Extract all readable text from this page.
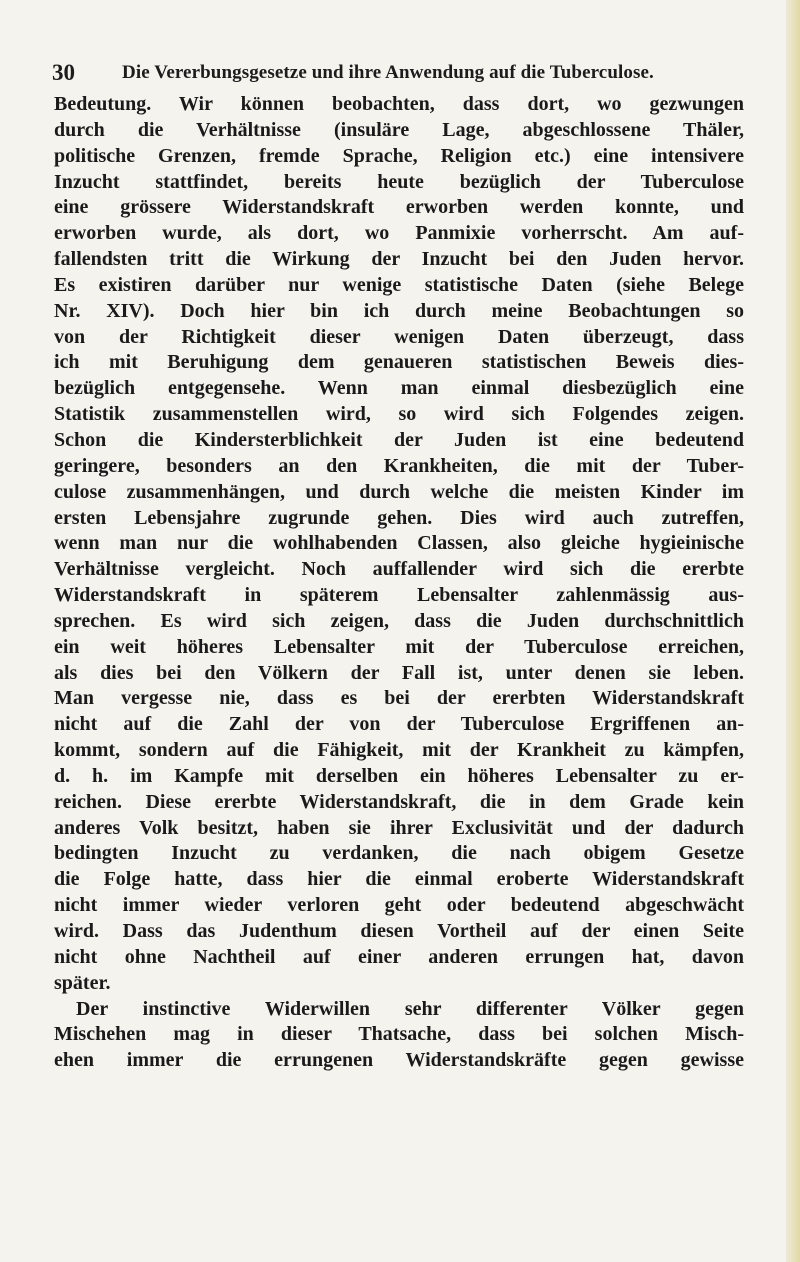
30 Die Vererbungsgesetze und ihre Anwendung auf die Tuberculose.
Bedeutung. Wir können beobachten, dass dort, wo gezwungen
durch die Verhältnisse (insuläre Lage, abgeschlossene Thäler,
politische Grenzen, fremde Sprache, Religion etc.) eine intensivere
Inzucht stattfindet, bereits heute bezüglich der Tuberculose
eine grössere Widerstandskraft erworben werden konnte, und
erworben wurde, als dort, wo Panmixie vorherrscht. Am auf-
fallendsten tritt die Wirkung der Inzucht bei den Juden hervor.
Es existiren darüber nur wenige statistische Daten (siehe Belege
Nr. XIV). Doch hier bin ich durch meine Beobachtungen so
von der Richtigkeit dieser wenigen Daten überzeugt, dass
ich mit Beruhigung dem genaueren statistischen Beweis dies-
bezüglich entgegensehe. Wenn man einmal diesbezüglich eine
Statistik zusammenstellen wird, so wird sich Folgendes zeigen.
Schon die Kindersterblichkeit der Juden ist eine bedeutend
geringere, besonders an den Krankheiten, die mit der Tuber-
culose zusammenhängen, und durch welche die meisten Kinder im
ersten Lebensjahre zugrunde gehen. Dies wird auch zutreffen,
wenn man nur die wohlhabenden Classen, also gleiche hygieinische
Verhältnisse vergleicht. Noch auffallender wird sich die ererbte
Widerstandskraft in späterem Lebensalter zahlenmässig aus-
sprechen. Es wird sich zeigen, dass die Juden durchschnittlich
ein weit höheres Lebensalter mit der Tuberculose erreichen,
als dies bei den Völkern der Fall ist, unter denen sie leben.
Man vergesse nie, dass es bei der ererbten Widerstandskraft
nicht auf die Zahl der von der Tuberculose Ergriffenen an-
kommt, sondern auf die Fähigkeit, mit der Krankheit zu kämpfen,
d. h. im Kampfe mit derselben ein höheres Lebensalter zu er-
reichen. Diese ererbte Widerstandskraft, die in dem Grade kein
anderes Volk besitzt, haben sie ihrer Exclusivität und der dadurch
bedingten Inzucht zu verdanken, die nach obigem Gesetze
die Folge hatte, dass hier die einmal eroberte Widerstandskraft
nicht immer wieder verloren geht oder bedeutend abgeschwächt
wird. Dass das Judenthum diesen Vortheil auf der einen Seite
nicht ohne Nachtheil auf einer anderen errungen hat, davon
später.
Der instinctive Widerwillen sehr differenter Völker gegen
Mischehen mag in dieser Thatsache, dass bei solchen Misch-
ehen immer die errungenen Widerstandskräfte gegen gewisse
